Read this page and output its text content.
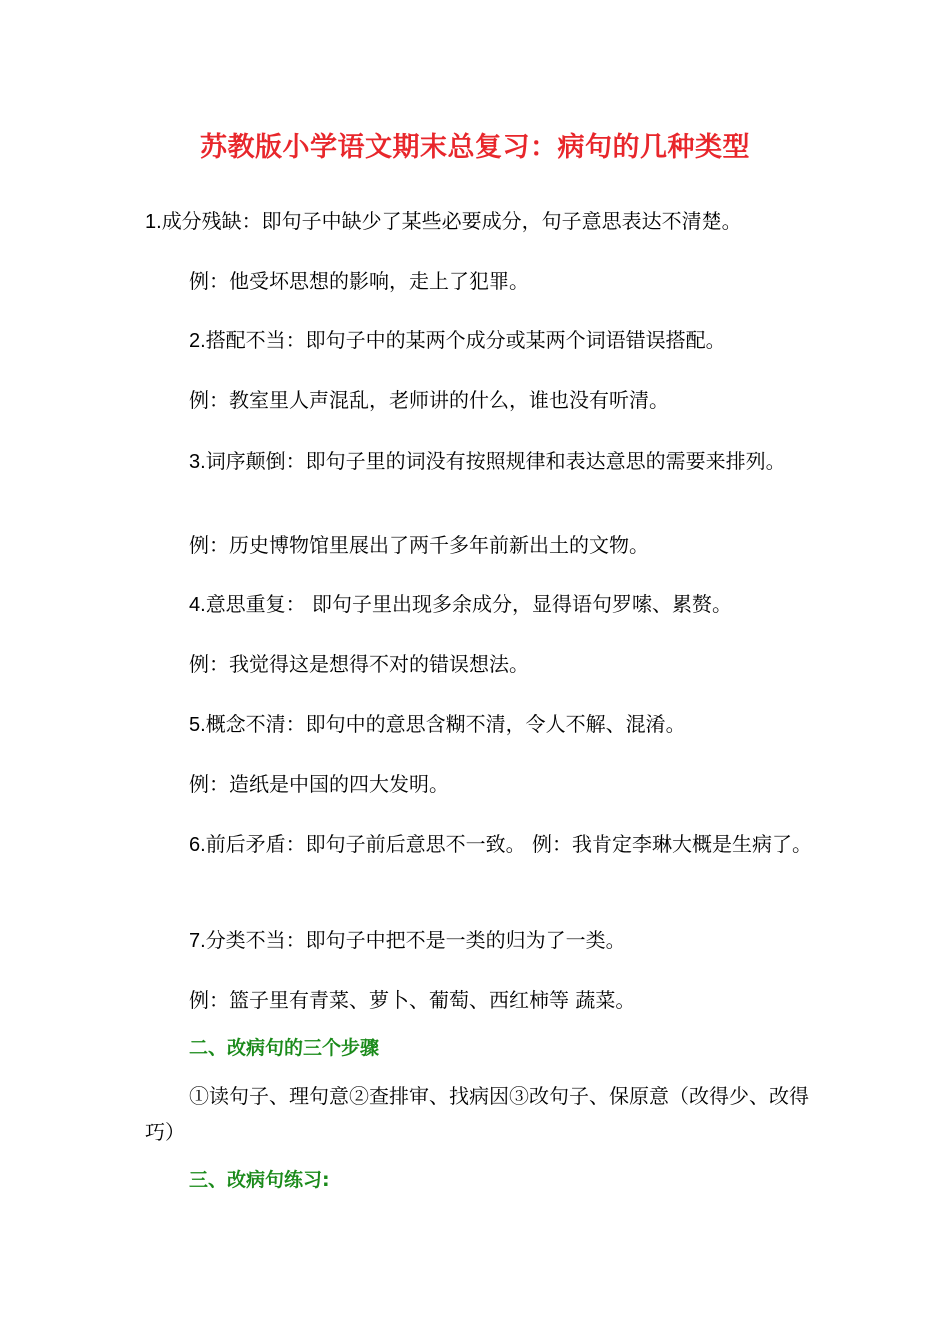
苏教版小学语文期末总复习：病句的几种类型
1.成分残缺：即句子中缺少了某些必要成分，句子意思表达不清楚。
例：他受坏思想的影响，走上了犯罪。
2.搭配不当：即句子中的某两个成分或某两个词语错误搭配。
例：教室里人声混乱，老师讲的什么，谁也没有听清。
3.词序颠倒：即句子里的词没有按照规律和表达意思的需要来排列。
例：历史博物馆里展出了两千多年前新出土的文物。
4.意思重复： 即句子里出现多余成分，显得语句罗嗦、累赘。
例：我觉得这是想得不对的错误想法。
5.概念不清：即句中的意思含糊不清，令人不解、混淆。
例：造纸是中国的四大发明。
6.前后矛盾：即句子前后意思不一致。 例：我肯定李琳大概是生病了。
7.分类不当：即句子中把不是一类的归为了一类。
例：篮子里有青菜、萝卜、葡萄、西红柿等 蔬菜。
二、改病句的三个步骤
①读句子、理句意②查排审、找病因③改句子、保原意（改得少、改得巧）
三、改病句练习:
